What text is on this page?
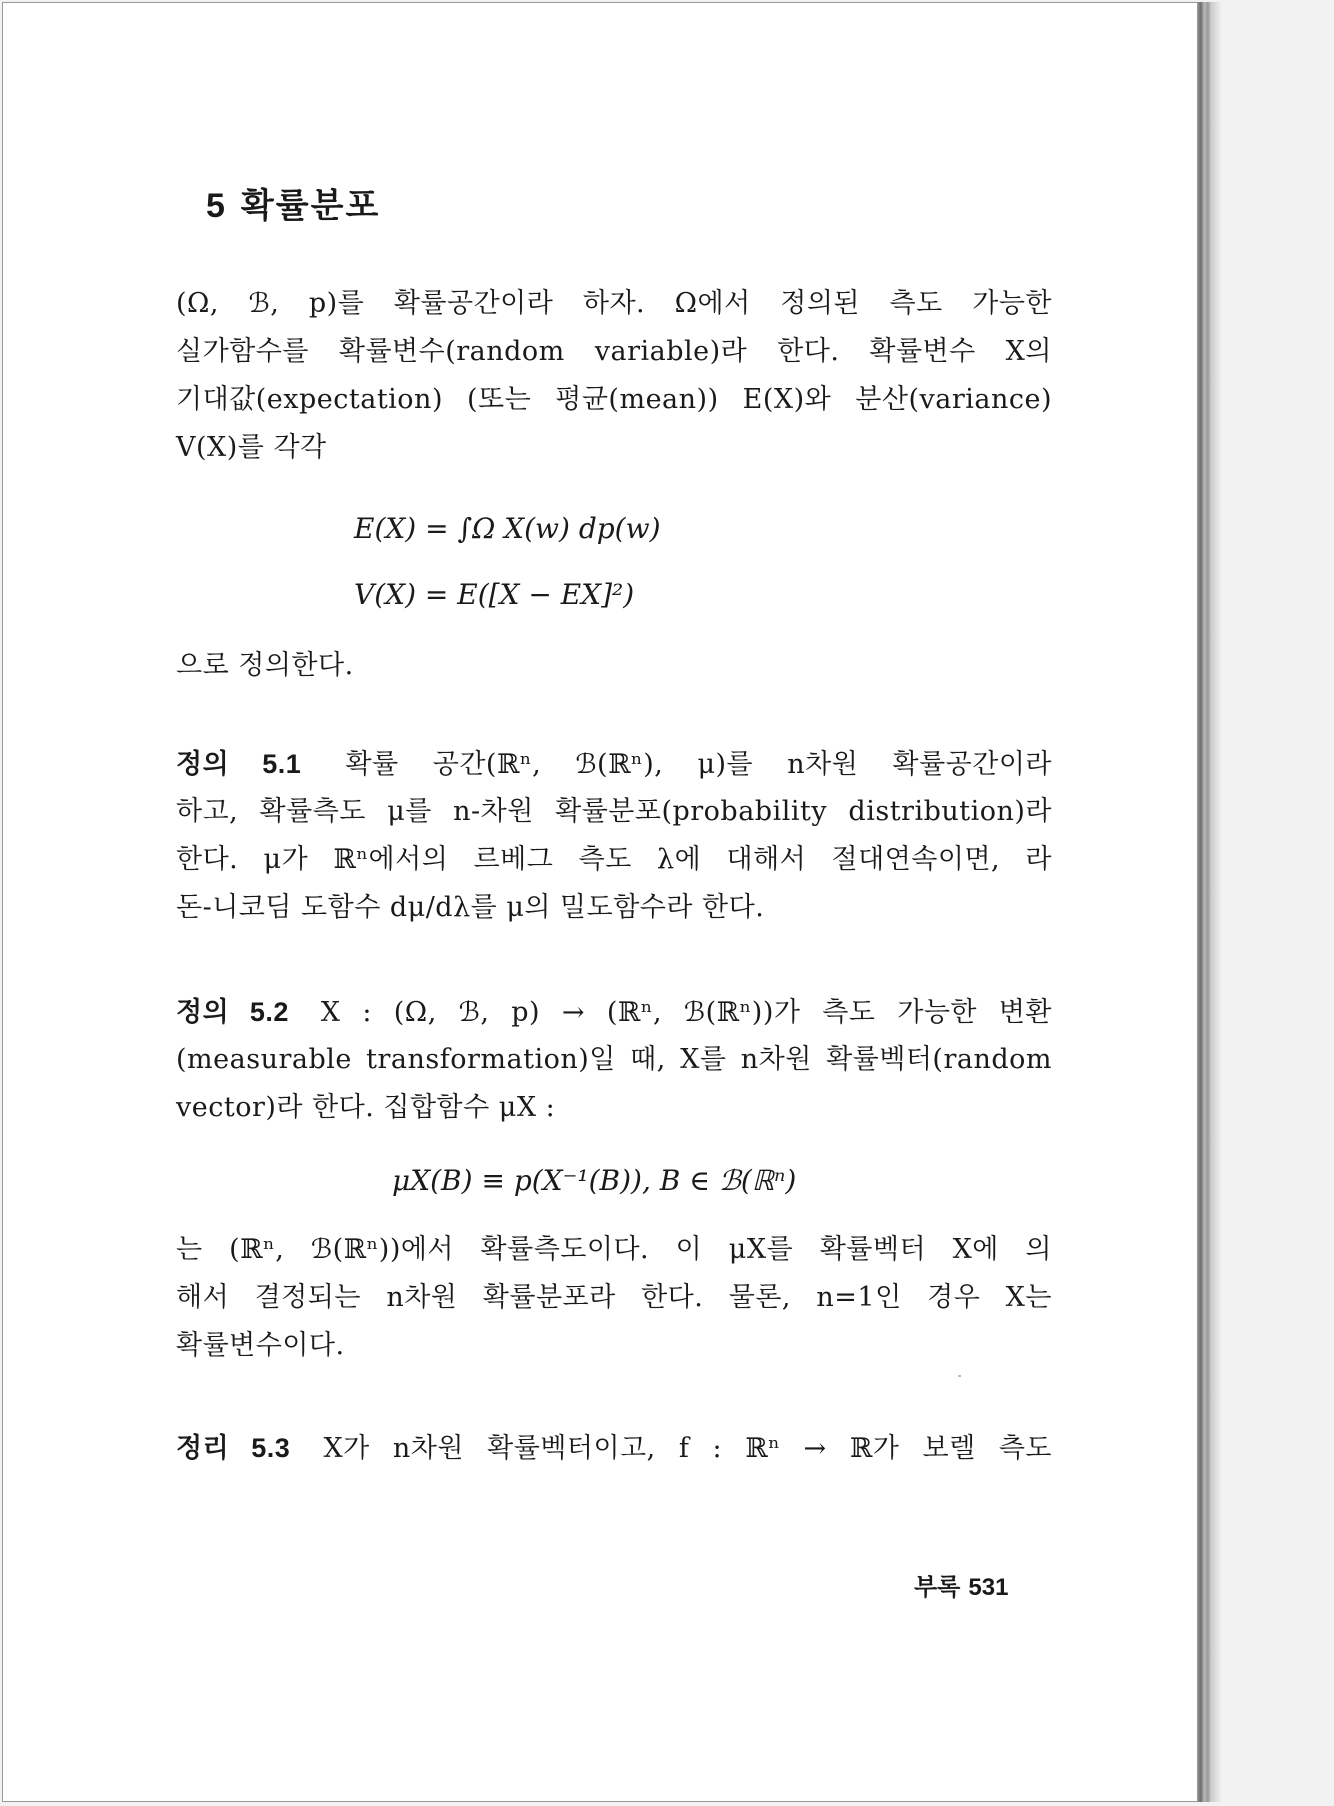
5 확률분포
(Ω, ℬ, p)를 확률공간이라 하자. Ω에서 정의된 측도 가능한
실가함수를 확률변수(random variable)라 한다. 확률변수 X의
기대값(expectation) (또는 평균(mean)) E(X)와 분산(variance)
V(X)를 각각
E(X) = ∫Ω X(w) dp(w)
V(X) = E([X − EX]²)
으로 정의한다.
정의 5.1 확률 공간(ℝⁿ, ℬ(ℝⁿ), μ)를 n차원 확률공간이라
하고, 확률측도 μ를 n-차원 확률분포(probability distribution)라
한다. μ가 ℝⁿ에서의 르베그 측도 λ에 대해서 절대연속이면, 라
돈-니코딤 도함수 dμ/dλ를 μ의 밀도함수라 한다.
정의 5.2 X : (Ω, ℬ, p) → (ℝⁿ, ℬ(ℝⁿ))가 측도 가능한 변환
(measurable transformation)일 때, X를 n차원 확률벡터(random
vector)라 한다. 집합함수 μX :
μX(B) ≡ p(X⁻¹(B)), B ∈ ℬ(ℝⁿ)
는 (ℝⁿ, ℬ(ℝⁿ))에서 확률측도이다. 이 μX를 확률벡터 X에 의
해서 결정되는 n차원 확률분포라 한다. 물론, n=1인 경우 X는
확률변수이다.
정리 5.3 X가 n차원 확률벡터이고, f : ℝⁿ → ℝ가 보렐 측도
부록 531
